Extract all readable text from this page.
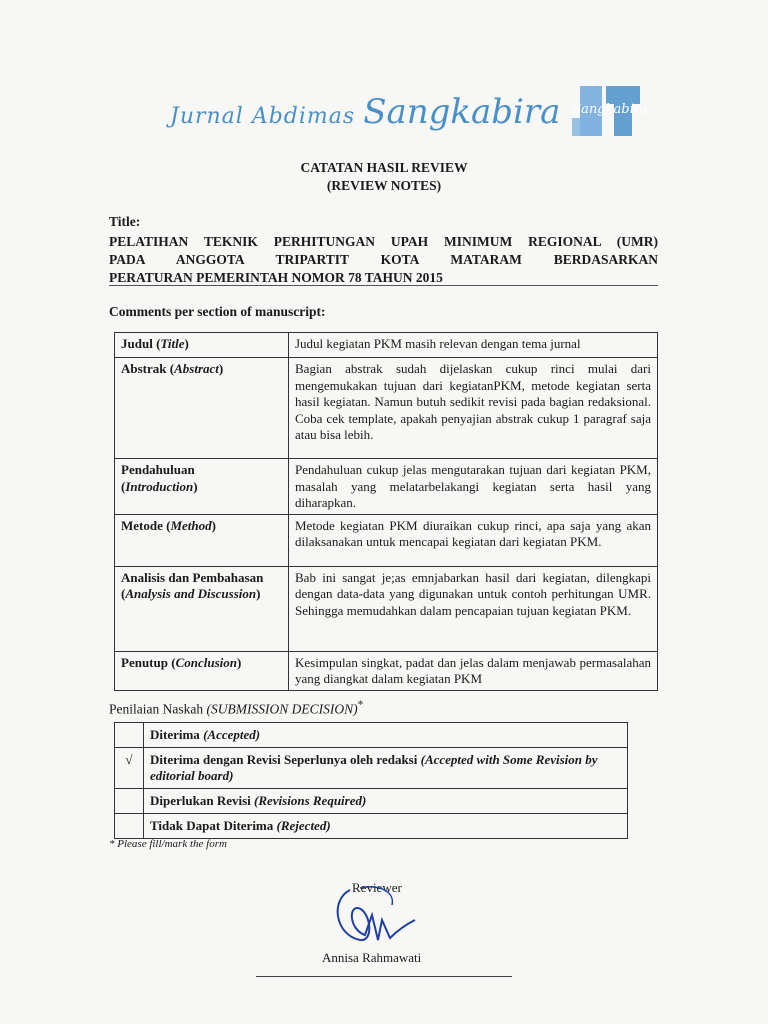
Jurnal Abdimas Sangkabira Sangkabira
CATATAN HASIL REVIEW
(REVIEW NOTES)
Title:
PELATIHAN TEKNIK PERHITUNGAN UPAH MINIMUM REGIONAL (UMR)
PADA ANGGOTA TRIPARTIT KOTA MATARAM BERDASARKAN
PERATURAN PEMERINTAH NOMOR 78 TAHUN 2015
Comments per section of manuscript:
Judul (Title)	Judul kegiatan PKM masih relevan dengan tema jurnal
Abstrak (Abstract)	Bagian abstrak sudah dijelaskan cukup rinci mulai dari mengemukakan tujuan dari kegiatanPKM, metode kegiatan serta hasil kegiatan. Namun butuh sedikit revisi pada bagian redaksional. Coba cek template, apakah penyajian abstrak cukup 1 paragraf saja atau bisa lebih.
Pendahuluan
(Introduction)	Pendahuluan cukup jelas mengutarakan tujuan dari kegiatan PKM, masalah yang melatarbelakangi kegiatan serta hasil yang diharapkan.
Metode (Method)	Metode kegiatan PKM diuraikan cukup rinci, apa saja yang akan dilaksanakan untuk mencapai kegiatan dari kegiatan PKM.
Analisis dan Pembahasan (Analysis and Discussion)	Bab ini sangat je;as emnjabarkan hasil dari kegiatan, dilengkapi dengan data-data yang digunakan untuk contoh perhitungan UMR. Sehingga memudahkan dalam pencapaian tujuan kegiatan PKM.
Penutup (Conclusion)	Kesimpulan singkat, padat dan jelas dalam menjawab permasalahan yang diangkat dalam kegiatan PKM
Penilaian Naskah (SUBMISSION DECISION)*
	Diterima (Accepted)
√	Diterima dengan Revisi Seperlunya oleh redaksi (Accepted with Some Revision by editorial board)
	Diperlukan Revisi (Revisions Required)
	Tidak Dapat Diterima (Rejected)
* Please fill/mark the form
Reviewer
Annisa Rahmawati
